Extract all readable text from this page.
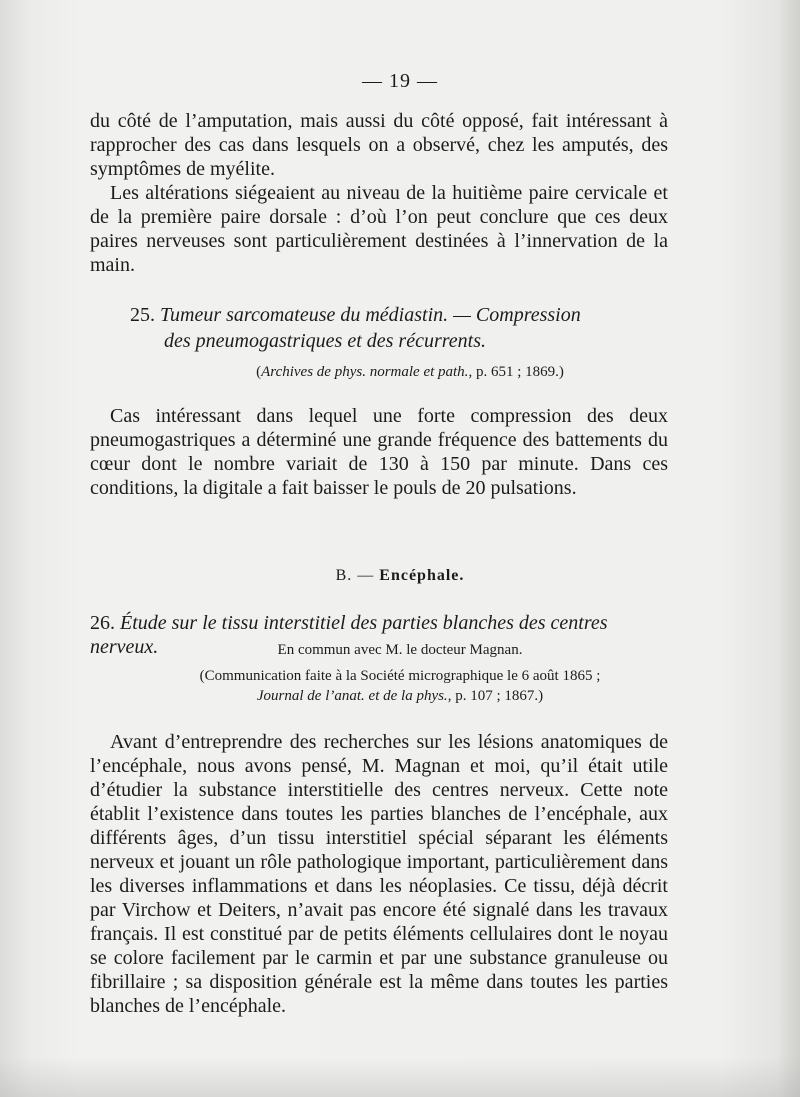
— 19 —

du côté de l’amputation, mais aussi du côté opposé, fait intéressant à rapprocher des cas dans lesquels on a observé, chez les amputés, des symptômes de myélite.

Les altérations siégeaient au niveau de la huitième paire cervicale et de la première paire dorsale : d’où l’on peut conclure que ces deux paires nerveuses sont particulièrement destinées à l’innervation de la main.

25. Tumeur sarcomateuse du médiastin. — Compression
des pneumogastriques et des récurrents.
(Archives de phys. normale et path., p. 651 ; 1869.)

Cas intéressant dans lequel une forte compression des deux pneumogastriques a déterminé une grande fréquence des battements du cœur dont le nombre variait de 130 à 150 par minute. Dans ces conditions, la digitale a fait baisser le pouls de 20 pulsations.

B. — Encéphale.
26. Étude sur le tissu interstitiel des parties blanches des centres nerveux.	En commun avec M. le docteur Magnan.
(Communication faite à la Société micrographique le 6 août 1865 ;
Journal de l’anat. et de la phys., p. 107 ; 1867.)

Avant d’entreprendre des recherches sur les lésions anatomiques de l’encéphale, nous avons pensé, M. Magnan et moi, qu’il était utile d’étudier la substance interstitielle des centres nerveux. Cette note établit l’existence dans toutes les parties blanches de l’encéphale, aux différents âges, d’un tissu interstitiel spécial séparant les éléments nerveux et jouant un rôle pathologique important, particulièrement dans les diverses inflammations et dans les néoplasies. Ce tissu, déjà décrit par Virchow et Deiters, n’avait pas encore été signalé dans les travaux français. Il est constitué par de petits éléments cellulaires dont le noyau se colore facilement par le carmin et par une substance granuleuse ou fibrillaire ; sa disposition générale est la même dans toutes les parties blanches de l’encéphale.
